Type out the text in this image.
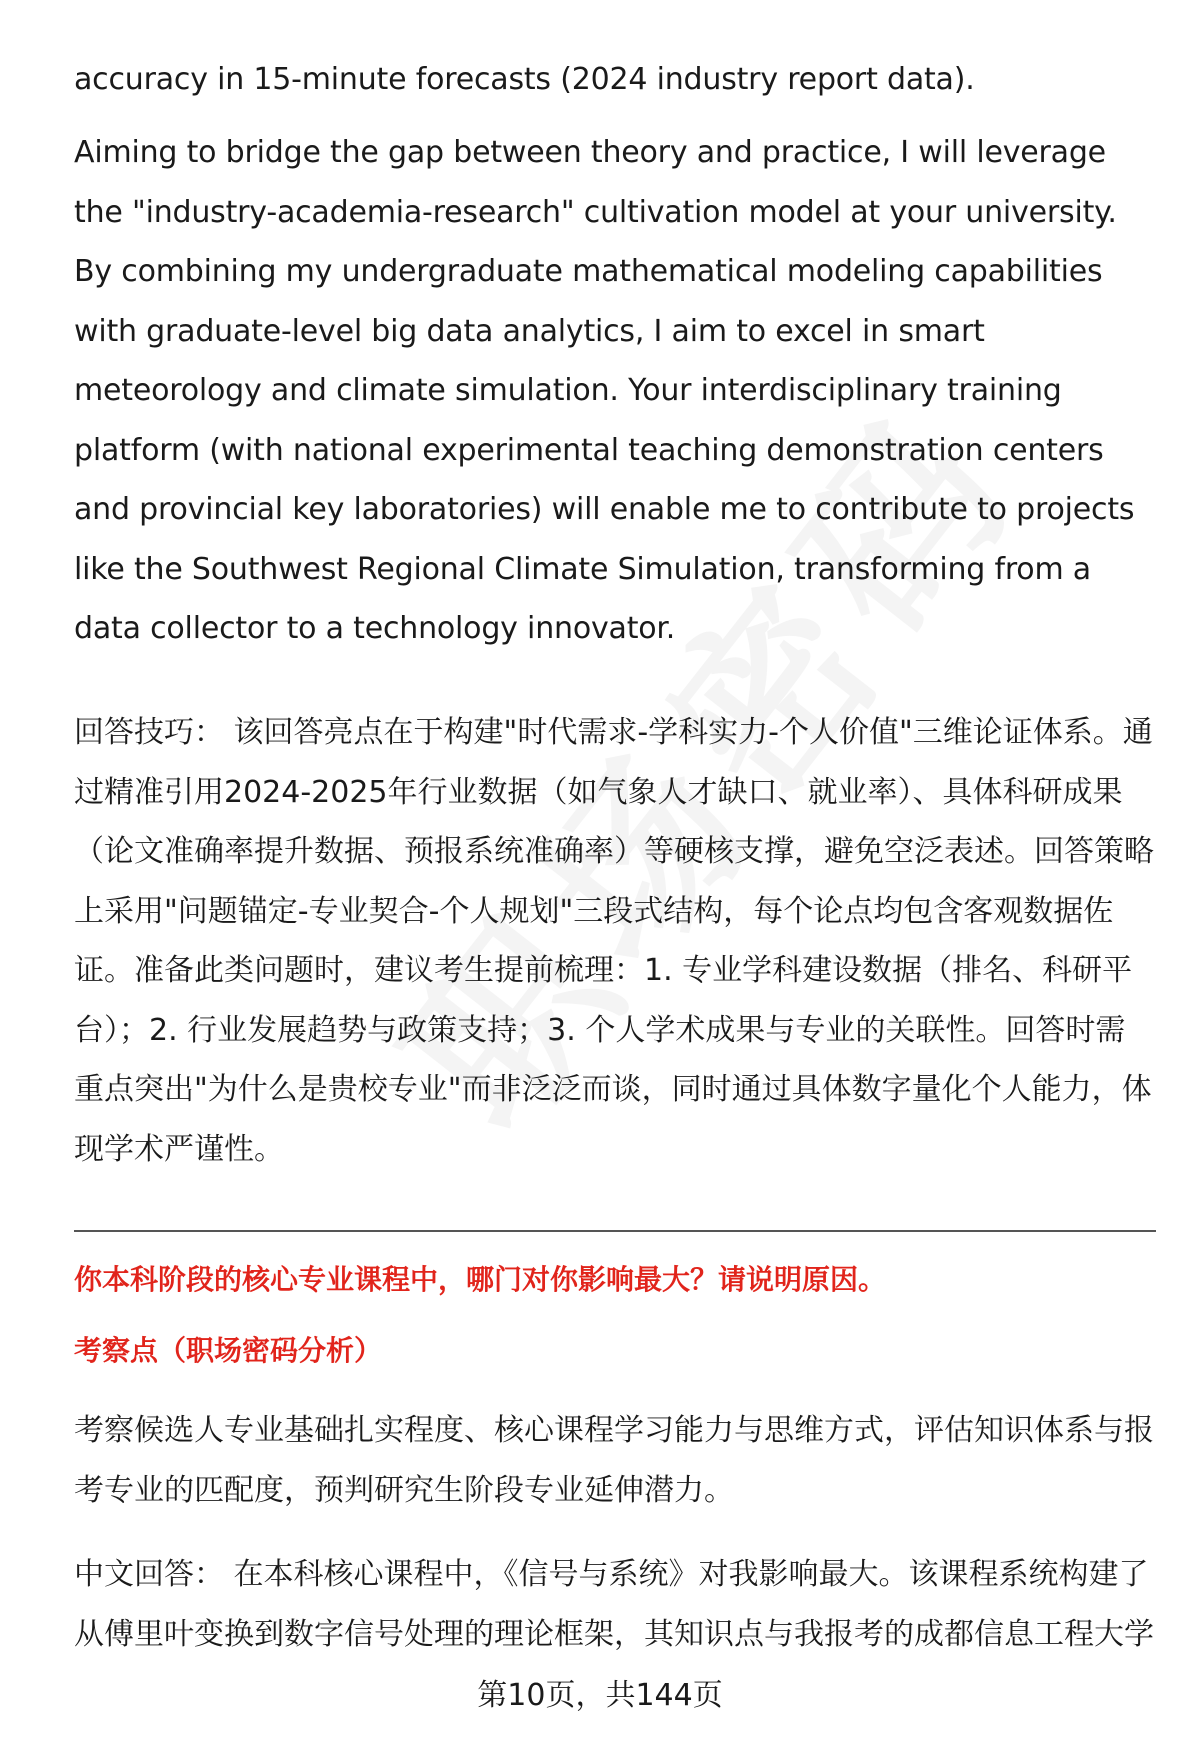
accuracy in 15-minute forecasts (2024 industry report data).

Aiming to bridge the gap between theory and practice, I will leverage the "industry-academia-research" cultivation model at your university. By combining my undergraduate mathematical modeling capabilities with graduate-level big data analytics, I aim to excel in smart meteorology and climate simulation. Your interdisciplinary training platform (with national experimental teaching demonstration centers and provincial key laboratories) will enable me to contribute to projects like the Southwest Regional Climate Simulation, transforming from a data collector to a technology innovator.

回答技巧： 该回答亮点在于构建"时代需求-学科实力-个人价值"三维论证体系。通过精准引用2024-2025年行业数据（如气象人才缺口、就业率）、具体科研成果（论文准确率提升数据、预报系统准确率）等硬核支撑，避免空泛表述。回答策略上采用"问题锚定-专业契合-个人规划"三段式结构，每个论点均包含客观数据佐证。准备此类问题时，建议考生提前梳理：1. 专业学科建设数据（排名、科研平台）；2. 行业发展趋势与政策支持；3. 个人学术成果与专业的关联性。回答时需重点突出"为什么是贵校专业"而非泛泛而谈，同时通过具体数字量化个人能力，体现学术严谨性。

你本科阶段的核心专业课程中，哪门对你影响最大？请说明原因。

考察点（职场密码分析）

考察候选人专业基础扎实程度、核心课程学习能力与思维方式，评估知识体系与报考专业的匹配度，预判研究生阶段专业延伸潜力。

中文回答： 在本科核心课程中，《信号与系统》对我影响最大。该课程系统构建了从傅里叶变换到数字信号处理的理论框架，其知识点与我报考的成都信息工程大学

第10页，共144页
